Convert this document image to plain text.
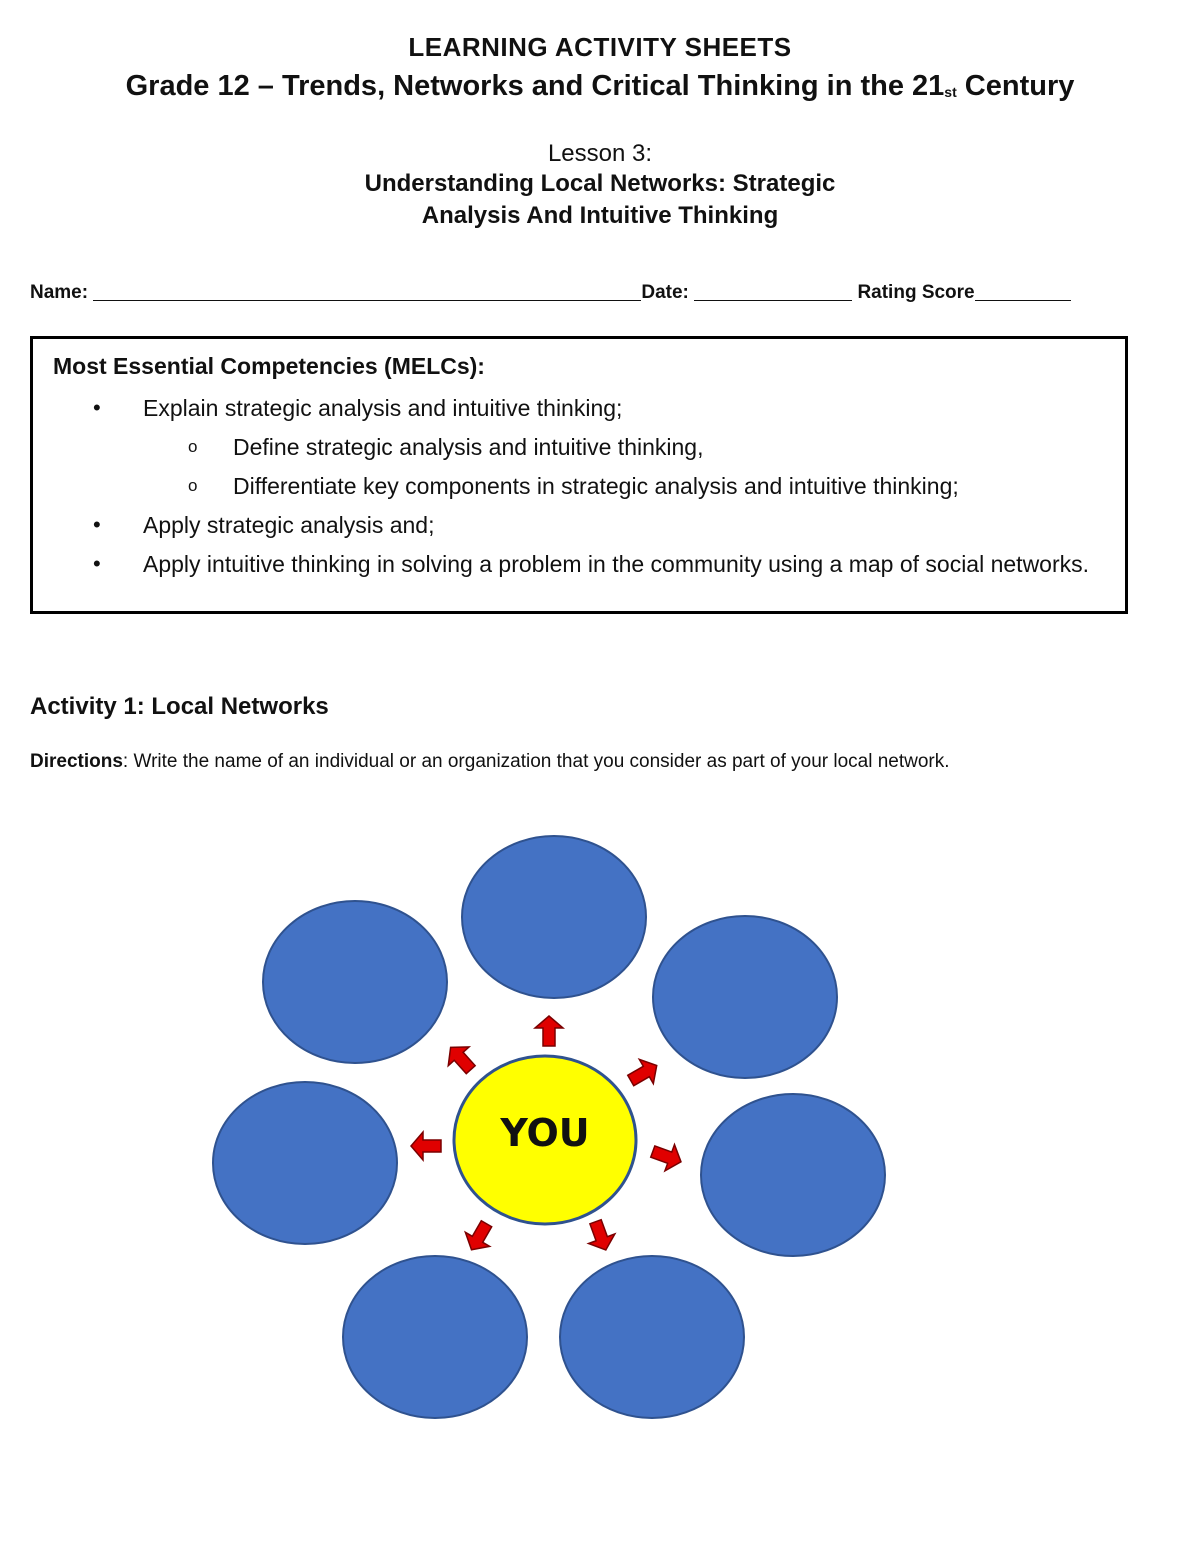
LEARNING ACTIVITY SHEETS
Grade 12 – Trends, Networks and Critical Thinking in the $21_{st}$ Century
Lesson 3:
Understanding Local Networks: Strategic
Analysis And Intuitive Thinking
Name:	Date:	Rating Score
Most Essential Competencies (MELCs):
• Explain strategic analysis and intuitive thinking;
o Define strategic analysis and intuitive thinking,
o Differentiate key components in strategic analysis and intuitive thinking;
• Apply strategic analysis and;
• Apply intuitive thinking in solving a problem in the community using a map of social networks.
Activity 1: Local Networks
Directions: Write the name of an individual or an organization that you consider as part of your local network.
YOU
